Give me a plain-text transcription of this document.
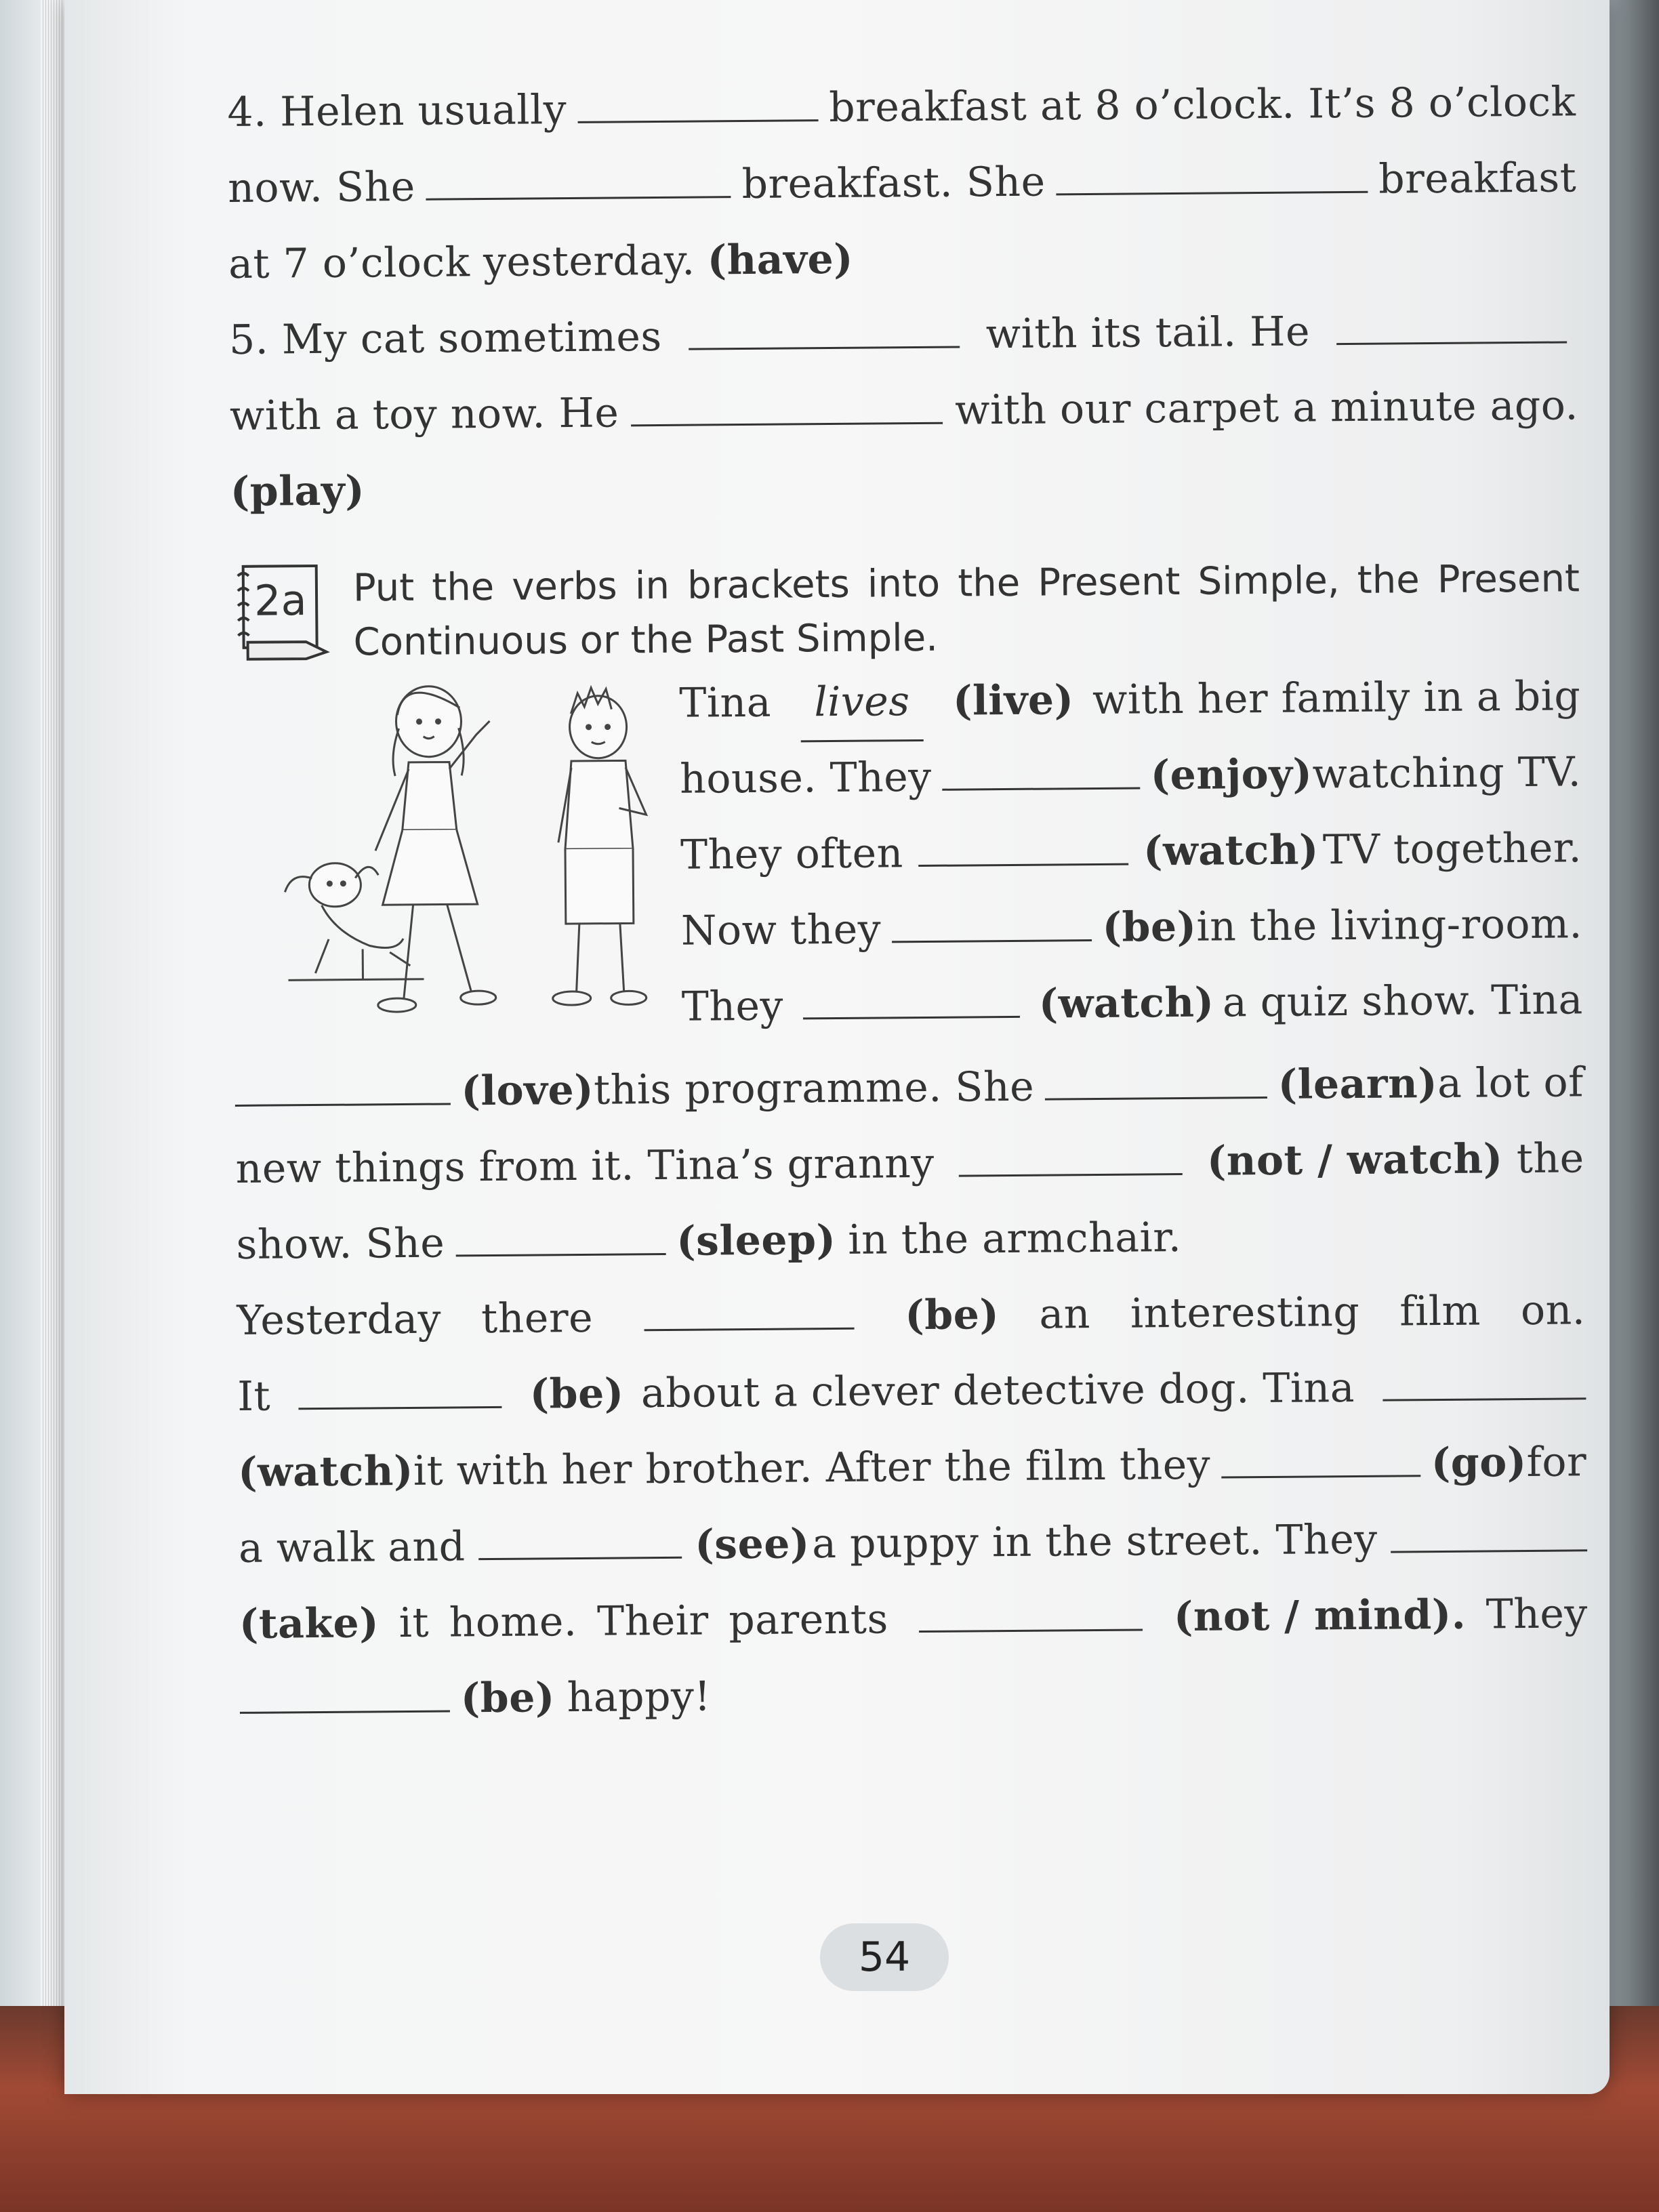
4. Helen usually	breakfast at 8 o’clock. It’s 8 o’clock
now. She	breakfast. She	breakfast
at 7 o’clock yesterday. (have)
5. My cat sometimes	with its tail. He
with a toy now. He	with our carpet a minute ago.
(play)
2a Put the verbs in brackets into the Present Simple, the Present
Continuous or the Past Simple.
Tina	lives	(live) with her family in a big
house. They	(enjoy) watching TV.
They often	(watch) TV together.
Now they	(be) in the living-room.
They	(watch) a quiz show. Tina
(love) this programme. She	(learn) a lot of
new things from it. Tina’s granny	(not / watch) the
show. She	(sleep) in the armchair.
Yesterday there	(be) an interesting film on.
It	(be) about a clever detective dog. Tina
(watch) it with her brother. After the film they	(go) for
a walk and	(see) a puppy in the street. They
(take) it home. Their parents	(not / mind). They
(be) happy!
54
